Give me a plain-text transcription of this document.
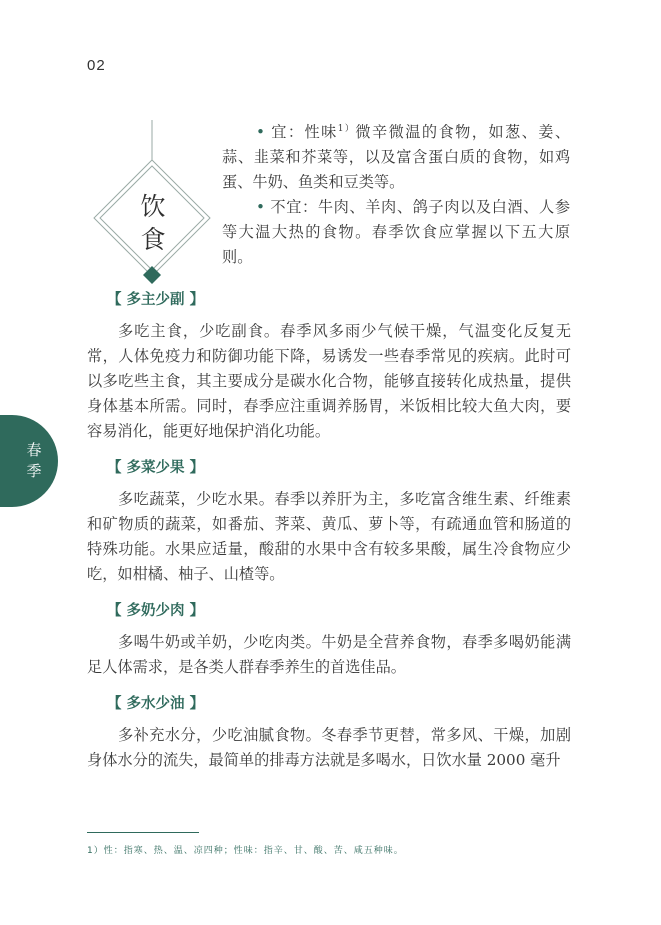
02
饮食
春季

• 宜：性味$^{1)}$微辛微温的食物，如葱、姜、蒜、韭菜和芥菜等，以及富含蛋白质的食物，如鸡蛋、牛奶、鱼类和豆类等。

• 不宜：牛肉、羊肉、鸽子肉以及白酒、人参等大温大热的食物。春季饮食应掌握以下五大原则。

【 多主少副 】

多吃主食，少吃副食。春季风多雨少气候干燥，气温变化反复无常，人体免疫力和防御功能下降，易诱发一些春季常见的疾病。此时可以多吃些主食，其主要成分是碳水化合物，能够直接转化成热量，提供身体基本所需。同时，春季应注重调养肠胃，米饭相比较大鱼大肉，要容易消化，能更好地保护消化功能。

【 多菜少果 】

多吃蔬菜，少吃水果。春季以养肝为主，多吃富含维生素、纤维素和矿物质的蔬菜，如番茄、荠菜、黄瓜、萝卜等，有疏通血管和肠道的特殊功能。水果应适量，酸甜的水果中含有较多果酸，属生冷食物应少吃，如柑橘、柚子、山楂等。

【 多奶少肉 】

多喝牛奶或羊奶，少吃肉类。牛奶是全营养食物，春季多喝奶能满足人体需求，是各类人群春季养生的首选佳品。

【 多水少油 】

多补充水分，少吃油腻食物。冬春季节更替，常多风、干燥，加剧身体水分的流失，最简单的排毒方法就是多喝水，日饮水量 2000 毫升

1）性：指寒、热、温、凉四种；性味：指辛、甘、酸、苦、咸五种味。
